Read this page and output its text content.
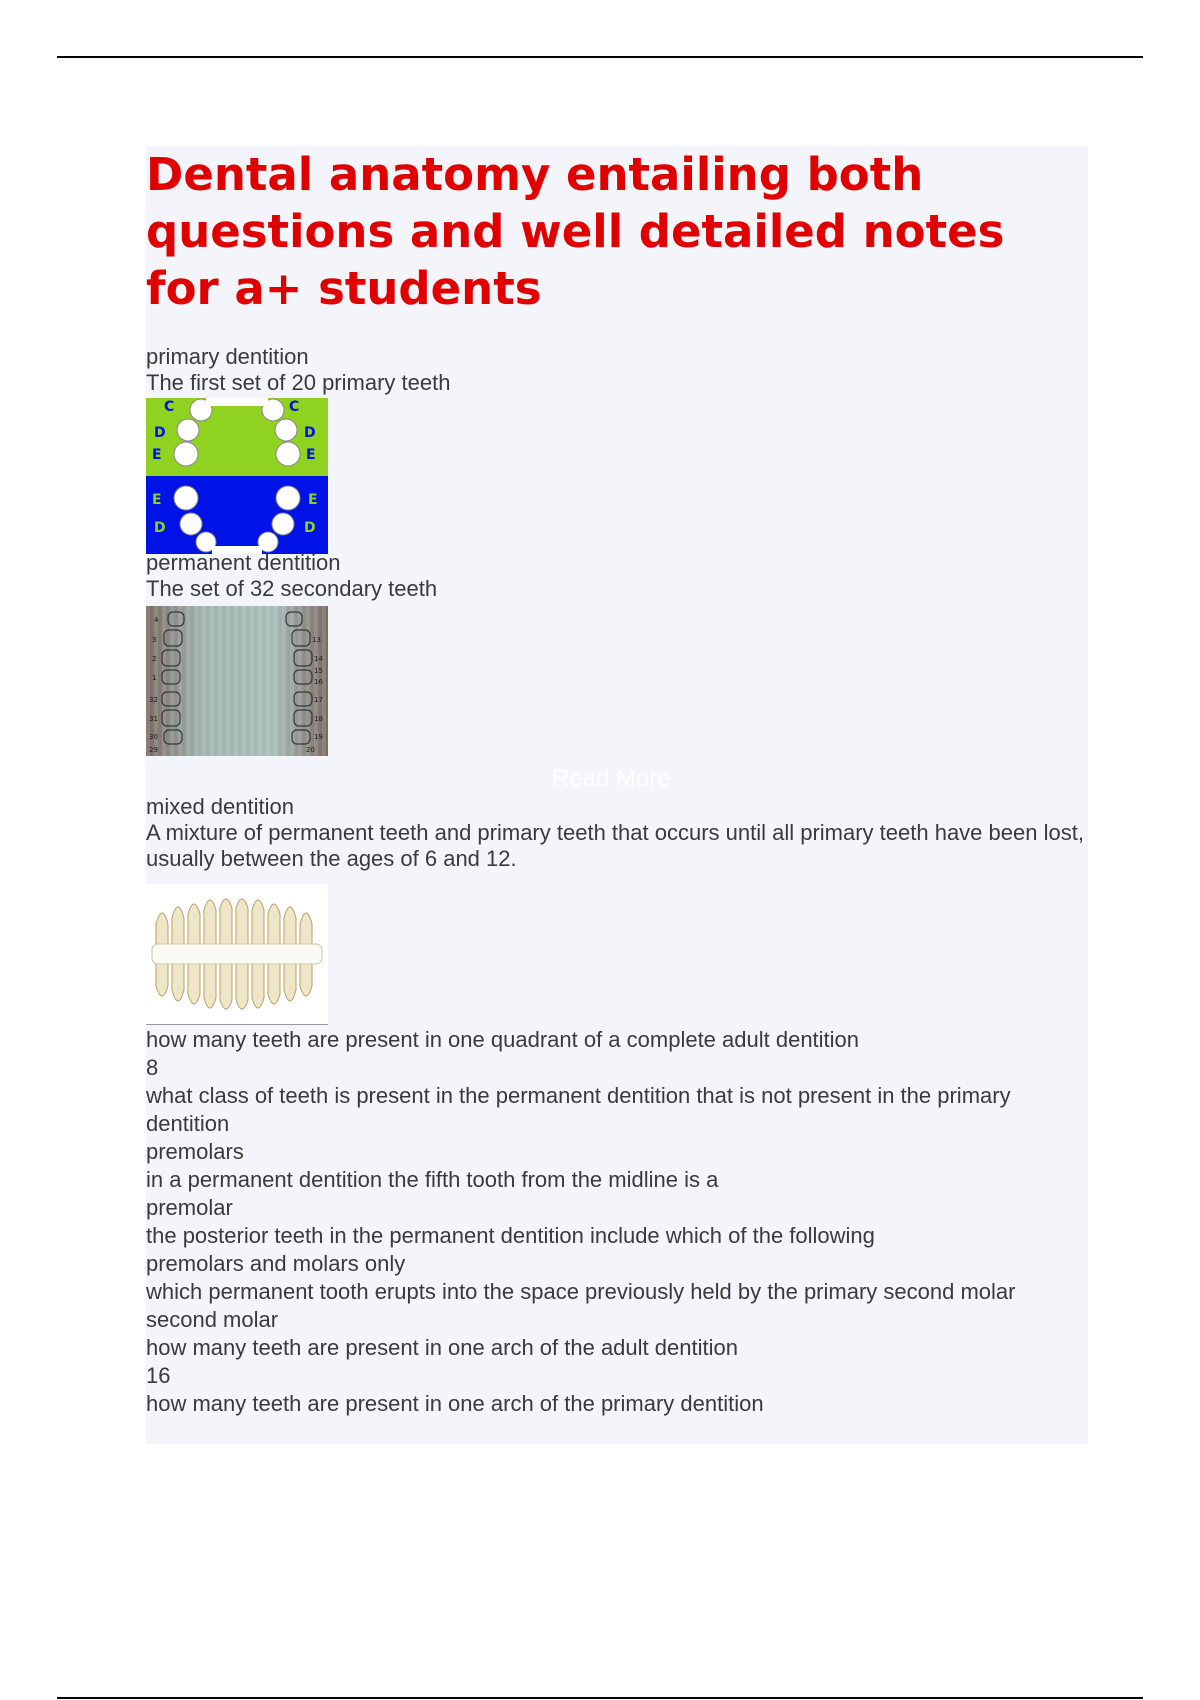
Dental anatomy entailing both questions and well detailed notes for a+ students

primary dentition

The first set of 20 primary teeth

C
D
E
C
D
E
E
D
E
D

permanent dentition

The set of 32 secondary teeth

4
3
2
1
32
31
30
29
13
14
15
16
17
18
19
20
Read More

mixed dentition

A mixture of permanent teeth and primary teeth that occurs until all primary teeth have been lost, usually between the ages of 6 and 12.

how many teeth are present in one quadrant of a complete adult dentition

8

what class of teeth is present in the permanent dentition that is not present in the primary dentition

premolars

in a permanent dentition the fifth tooth from the midline is a

premolar

the posterior teeth in the permanent dentition include which of the following

premolars and molars only

which permanent tooth erupts into the space previously held by the primary second molar

second molar

how many teeth are present in one arch of the adult dentition

16

how many teeth are present in one arch of the primary dentition
